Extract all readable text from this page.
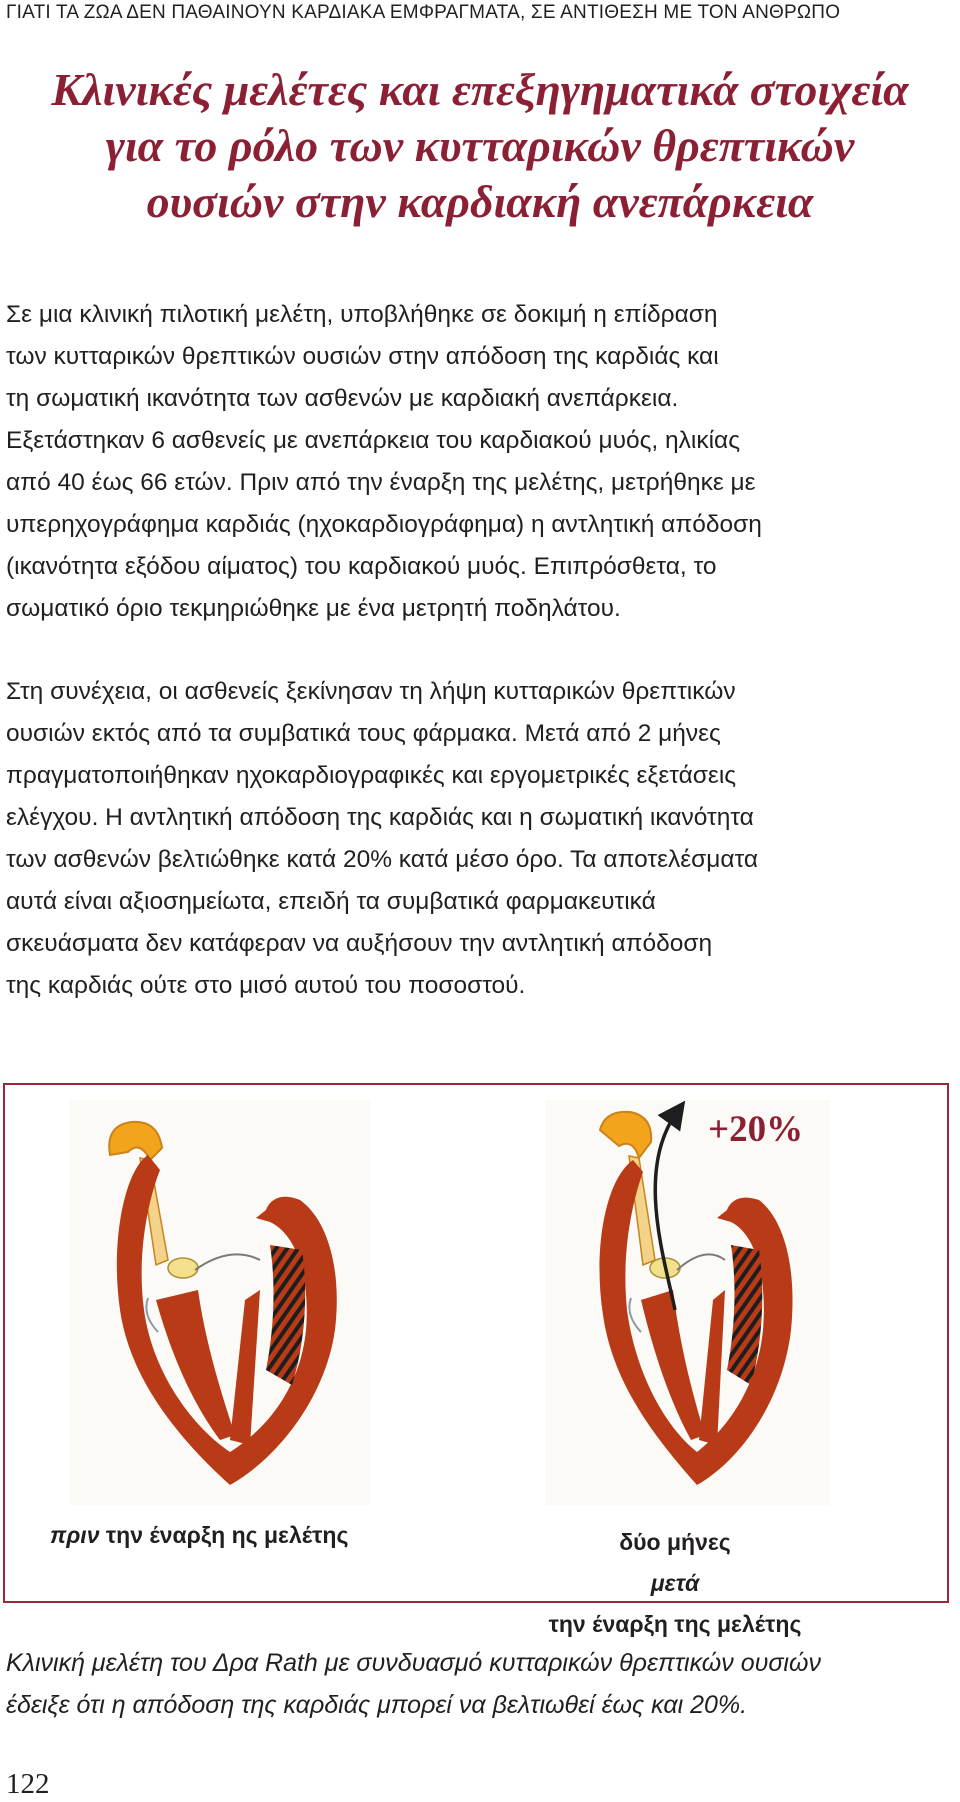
ΓΙΑΤΙ ΤΑ ΖΩΑ ΔΕΝ ΠΑΘΑΙΝΟΥΝ ΚΑΡΔΙΑΚΑ ΕΜΦΡΑΓΜΑΤΑ, ΣΕ ΑΝΤΙΘΕΣΗ ΜΕ ΤΟΝ ΑΝΘΡΩΠΟ
Κλινικές μελέτες και επεξηγηματικά στοιχεία
για το ρόλο των κυτταρικών θρεπτικών
ουσιών στην καρδιακή ανεπάρκεια

Σε μια κλινική πιλοτική μελέτη, υποβλήθηκε σε δοκιμή η επίδραση
των κυτταρικών θρεπτικών ουσιών στην απόδοση της καρδιάς και
τη σωματική ικανότητα των ασθενών με καρδιακή ανεπάρκεια.
Εξετάστηκαν 6 ασθενείς με ανεπάρκεια του καρδιακού μυός, ηλικίας
από 40 έως 66 ετών. Πριν από την έναρξη της μελέτης, μετρήθηκε με
υπερηχογράφημα καρδιάς (ηχοκαρδιογράφημα) η αντλητική απόδοση
(ικανότητα εξόδου αίματος) του καρδιακού μυός. Επιπρόσθετα, το
σωματικό όριο τεκμηριώθηκε με ένα μετρητή ποδηλάτου.

Στη συνέχεια, οι ασθενείς ξεκίνησαν τη λήψη κυτταρικών θρεπτικών
ουσιών εκτός από τα συμβατικά τους φάρμακα. Μετά από 2 μήνες
πραγματοποιήθηκαν ηχοκαρδιογραφικές και εργομετρικές εξετάσεις
ελέγχου. Η αντλητική απόδοση της καρδιάς και η σωματική ικανότητα
των ασθενών βελτιώθηκε κατά 20% κατά μέσο όρο. Τα αποτελέσματα
αυτά είναι αξιοσημείωτα, επειδή τα συμβατικά φαρμακευτικά
σκευάσματα δεν κατάφεραν να αυξήσουν την αντλητική απόδοση
της καρδιάς ούτε στο μισό αυτού του ποσοστού.

+20%
πριν την έναρξη ης μελέτης	δύο μήνες
μετά
την έναρξη της μελέτης

Κλινική μελέτη του Δρα Rath με συνδυασμό κυτταρικών θρεπτικών ουσιών
έδειξε ότι η απόδοση της καρδιάς μπορεί να βελτιωθεί έως και 20%.

122
